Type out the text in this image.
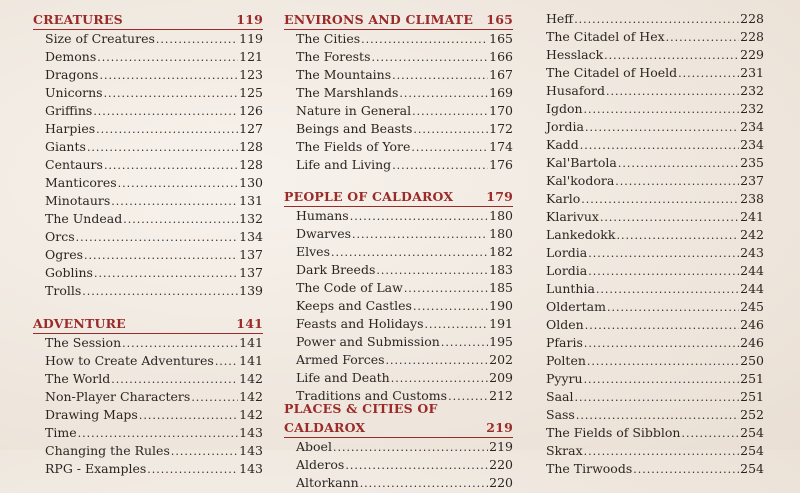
CREATURES	119
Size of Creatures .....	119
Demons .....	121
Dragons .....	123
Unicorns .....	125
Griffins .....	126
Harpies .....	127
Giants .....	128
Centaurs .....	128
Manticores .....	130
Minotaurs .....	131
The Undead .....	132
Orcs .....	134
Ogres .....	137
Goblins .....	137
Trolls .....	139
ADVENTURE	141
The Session .....	141
How to Create Adventures ..... 141
The World .....	142
Non-Player Characters .....	142
Drawing Maps .....	142
Time .....	143
Changing the Rules .....	143
RPG - Examples .....	143
ENVIRONS AND CLIMATE 165
The Cities .....	165
The Forests .....	166
The Mountains .....	167
The Marshlands .....	169
Nature in General .....	170
Beings and Beasts .....	172
The Fields of Yore .....	174
Life and Living .....	176
PEOPLE OF CALDAROX	179
Humans .....	180
Dwarves .....	180
Elves .....	182
Dark Breeds .....	183
The Code of Law .....	185
Keeps and Castles .....	190
Feasts and Holidays .....	191
Power and Submission .....	195
Armed Forces .....	202
Life and Death .....	209
Traditions and Customs .....	212
PLACES & CITIES OF CALDAROX	219
Aboel .....	219
Alderos .....	220
Altorkann .....	220
Heff .....	228
The Citadel of Hex .....	228
Hesslack .....	229
The Citadel of Hoeld .....	231
Husaford .....	232
Igdon .....	232
Jordia .....	234
Kadd .....	234
Kal'Bartola .....	235
Kal'kodora .....	237
Karlo .....	238
Klarivux .....	241
Lankedokk .....	242
Lordia .....	243
Lordia .....	244
Lunthia .....	244
Oldertam .....	245
Olden .....	246
Pfaris .....	246
Polten .....	250
Pyyru .....	251
Saal .....	251
Sass .....	252
The Fields of Sibblon .....	254
Skrax .....	254
The Tirwoods .....	254
